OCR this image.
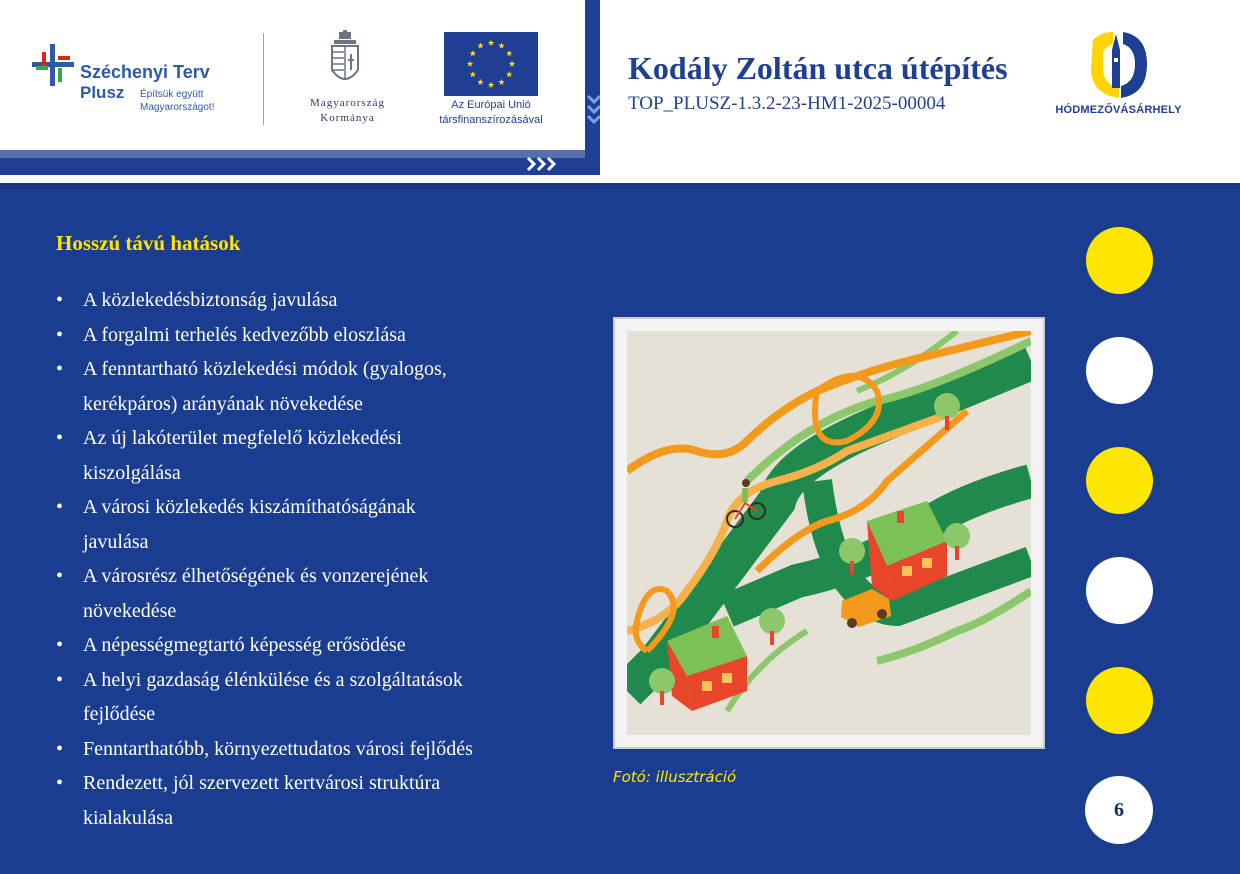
Széchenyi Terv
Plusz Építsük együtt Magyarországot!	Magyarország
Kormánya
Az Európai Unió
társfinanszírozásával
Kodály Zoltán utca útépítés
TOP_PLUSZ-1.3.2-23-HM1-2025-00004	HÓDMEZŐVÁSÁRHELY
Hosszú távú hatások
• A közlekedésbiztonság javulása
• A forgalmi terhelés kedvezőbb eloszlása
• A fenntartható közlekedési módok (gyalogos,
kerékpáros) arányának növekedése
• Az új lakóterület megfelelő közlekedési
kiszolgálása
• A városi közlekedés kiszámíthatóságának
javulása
• A városrész élhetőségének és vonzerejének
növekedése
• A népességmegtartó képesség erősödése
• A helyi gazdaság élénkülése és a szolgáltatások
fejlődése
• Fenntarthatóbb, környezettudatos városi fejlődés
• Rendezett, jól szervezett kertvárosi struktúra
kialakulása
Fotó: illusztráció
6
